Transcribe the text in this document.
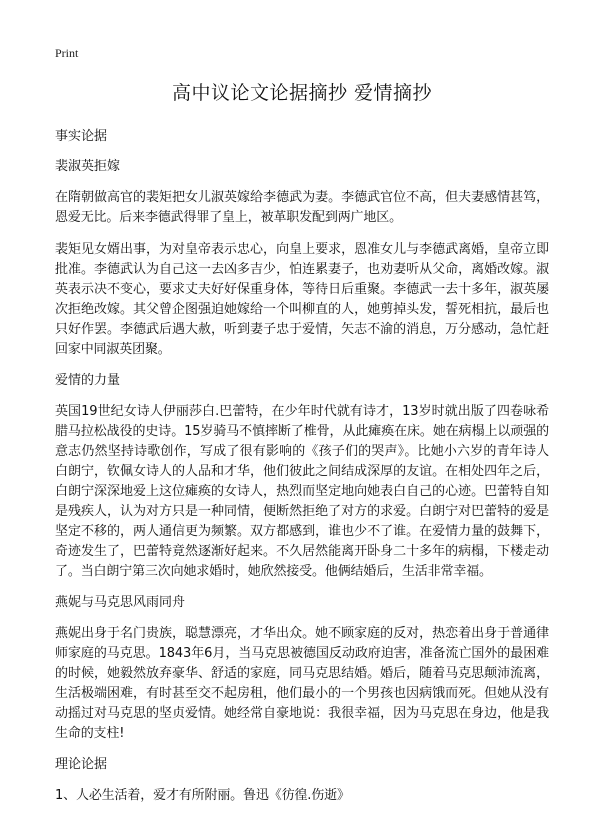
Print
高中议论文论据摘抄 爱情摘抄
事实论据
裴淑英拒嫁

在隋朝做高官的裴矩把女儿淑英嫁给李德武为妻。李德武官位不高，但夫妻感情甚笃，恩爱无比。后来李德武得罪了皇上，被革职发配到两广地区。

裴矩见女婿出事，为对皇帝表示忠心，向皇上要求，恩准女儿与李德武离婚，皇帝立即批准。李德武认为自己这一去凶多吉少，怕连累妻子，也劝妻听从父命，离婚改嫁。淑英表示决不变心，要求丈夫好好保重身体，等待日后重聚。李德武一去十多年，淑英屡次拒绝改嫁。其父曾企图强迫她嫁给一个叫柳直的人，她剪掉头发，誓死相抗，最后也只好作罢。李德武后遇大赦，听到妻子忠于爱情，矢志不渝的消息，万分感动，急忙赶回家中同淑英团聚。

爱情的力量

英国19世纪女诗人伊丽莎白.巴蕾特，在少年时代就有诗才，13岁时就出版了四卷咏希腊马拉松战役的史诗。15岁骑马不慎摔断了椎骨，从此瘫痪在床。她在病榻上以顽强的意志仍然坚持诗歌创作，写成了很有影响的《孩子们的哭声》。比她小六岁的青年诗人白朗宁，钦佩女诗人的人品和才华，他们彼此之间结成深厚的友谊。在相处四年之后，白朗宁深深地爱上这位瘫痪的女诗人，热烈而坚定地向她表白自己的心迹。巴蕾特自知是残疾人，认为对方只是一种同情，便断然拒绝了对方的求爱。白朗宁对巴蕾特的爱是坚定不移的，两人通信更为频繁。双方都感到，谁也少不了谁。在爱情力量的鼓舞下，奇迹发生了，巴蕾特竟然逐渐好起来。不久居然能离开卧身二十多年的病榻，下楼走动了。当白朗宁第三次向她求婚时，她欣然接受。他俩结婚后，生活非常幸福。

燕妮与马克思风雨同舟

燕妮出身于名门贵族，聪慧漂亮，才华出众。她不顾家庭的反对，热恋着出身于普通律师家庭的马克思。1843年6月，当马克思被德国反动政府迫害，准备流亡国外的最困难的时候，她毅然放弃豪华、舒适的家庭，同马克思结婚。婚后，随着马克思颠沛流离，生活极端困难，有时甚至交不起房租，他们最小的一个男孩也因病饿而死。但她从没有动摇过对马克思的坚贞爱情。她经常自豪地说：我很幸福，因为马克思在身边，他是我生命的支柱!

理论论据

1、人必生活着，爱才有所附丽。鲁迅《彷徨.伤逝》
